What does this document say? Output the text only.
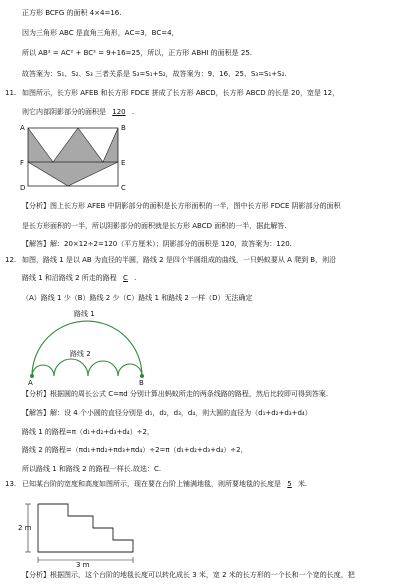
正方形 BCFG 的面积 4×4=16.
因为三角形 ABC 是直角三角形，AC=3，BC=4，
所以 AB² = AC² + BC² = 9+16=25，所以，正方形 ABHI 的面积是 25.
故答案为：S₁、S₂、S₃ 三者关系是 S₃=S₁+S₂，故答案为：9、16、25、S₃=S₁+S₂.
11. 如图所示，长方形 AFEB 和长方形 FDCE 拼成了长方形 ABCD，长方形 ABCD 的长是 20，宽是 12，
则它内部阴影部分的面积是 120 .
A	B
F	E
D	C
【分析】图上长方形 AFEB 中阴影部分的面积是长方形面积的一半，图中长方形 FDCE 阴影部分的面积
是长方形面积的一半，所以阴影部分的面积就是长方形 ABCD 面积的一半，据此解答.
【解答】解：20×12÷2=120（平方厘米）；阴影部分的面积是 120，故答案为：120.
12. 如图，路线 1 是以 AB 为直径的半圆，路线 2 是四个半圆组成的曲线，一只蚂蚁要从 A 爬到 B，则沿
路线 1 和沿路线 2 所走的路程 C .
（A）路线 1 少（B）路线 2 少（C）路线 1 和路线 2 一样（D）无法确定
路线 1
路线 2
A	B
【分析】根据圆的周长公式 C=πd 分别计算出蚂蚁所走的两条线路的路程，然后比较即可得到答案.
【解答】解：设 4 个小圆的直径分别是 d₁，d₂，d₃，d₄，则大圆的直径为（d₁+d₂+d₃+d₄）
路线 1 的路程=π（d₁+d₂+d₃+d₄）÷2，
路线 2 的路程=（πd₁+πd₂+πd₃+πd₄）÷2=π（d₁+d₂+d₃+d₄）÷2，
所以路线 1 和路线 2 的路程一样长.故选：C.
13. 已知某台阶的宽度和高度如图所示，现在要在台阶上铺满地毯，则所要地毯的长度是 5 米.
2 m
3 m
【分析】根据图示，这个台阶的地毯长度可以转化成长 3 米，宽 2 米的长方形的一个长和一个宽的长度，把
